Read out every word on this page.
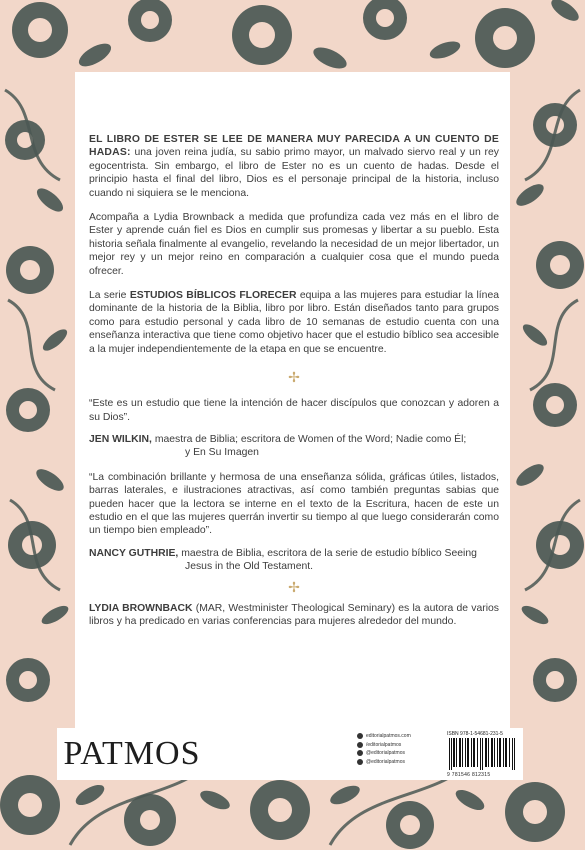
EL LIBRO DE ESTER SE LEE DE MANERA MUY PARECIDA A UN CUENTO DE HADAS: una joven reina judía, su sabio primo mayor, un malvado siervo real y un rey egocentrista. Sin embargo, el libro de Ester no es un cuento de hadas. Desde el principio hasta el final del libro, Dios es el personaje principal de la historia, incluso cuando ni siquiera se le menciona.

Acompaña a Lydia Brownback a medida que profundiza cada vez más en el libro de Ester y aprende cuán fiel es Dios en cumplir sus promesas y libertar a su pueblo. Esta historia señala finalmente al evangelio, revelando la necesidad de un mejor libertador, un mejor rey y un mejor reino en comparación a cualquier cosa que el mundo pueda ofrecer.

La serie ESTUDIOS BÍBLICOS FLORECER equipa a las mujeres para estudiar la línea dominante de la historia de la Biblia, libro por libro. Están diseñados tanto para grupos como para estudio personal y cada libro de 10 semanas de estudio cuenta con una enseñanza interactiva que tiene como objetivo hacer que el estudio bíblico sea accesible a la mujer independientemente de la etapa en que se encuentre.

✢

“Este es un estudio que tiene la intención de hacer discípulos que conozcan y adoren a su Dios”.

JEN WILKIN, maestra de Biblia; escritora de Women of the Word; Nadie como Él;
y En Su Imagen

“La combinación brillante y hermosa de una enseñanza sólida, gráficas útiles, listados, barras laterales, e ilustraciones atractivas, así como también preguntas sabias que pueden hacer que la lectora se interne en el texto de la Escritura, hacen de este un estudio en el que las mujeres querrán invertir su tiempo al que luego considerarán como un tiempo bien empleado”.

NANCY GUTHRIE, maestra de Biblia, escritora de la serie de estudio bíblico Seeing
Jesus in the Old Testament.
✢

LYDIA BROWNBACK (MAR, Westminister Theological Seminary) es la autora de varios libros y ha predicado en varias conferencias para mujeres alrededor del mundo.

PATMOS	editorialpatmos.com
/editorialpatmos
@editorialpatmos
@editorialpatmos
ISBN 978-1-54681-231-5
9 781546 812315
